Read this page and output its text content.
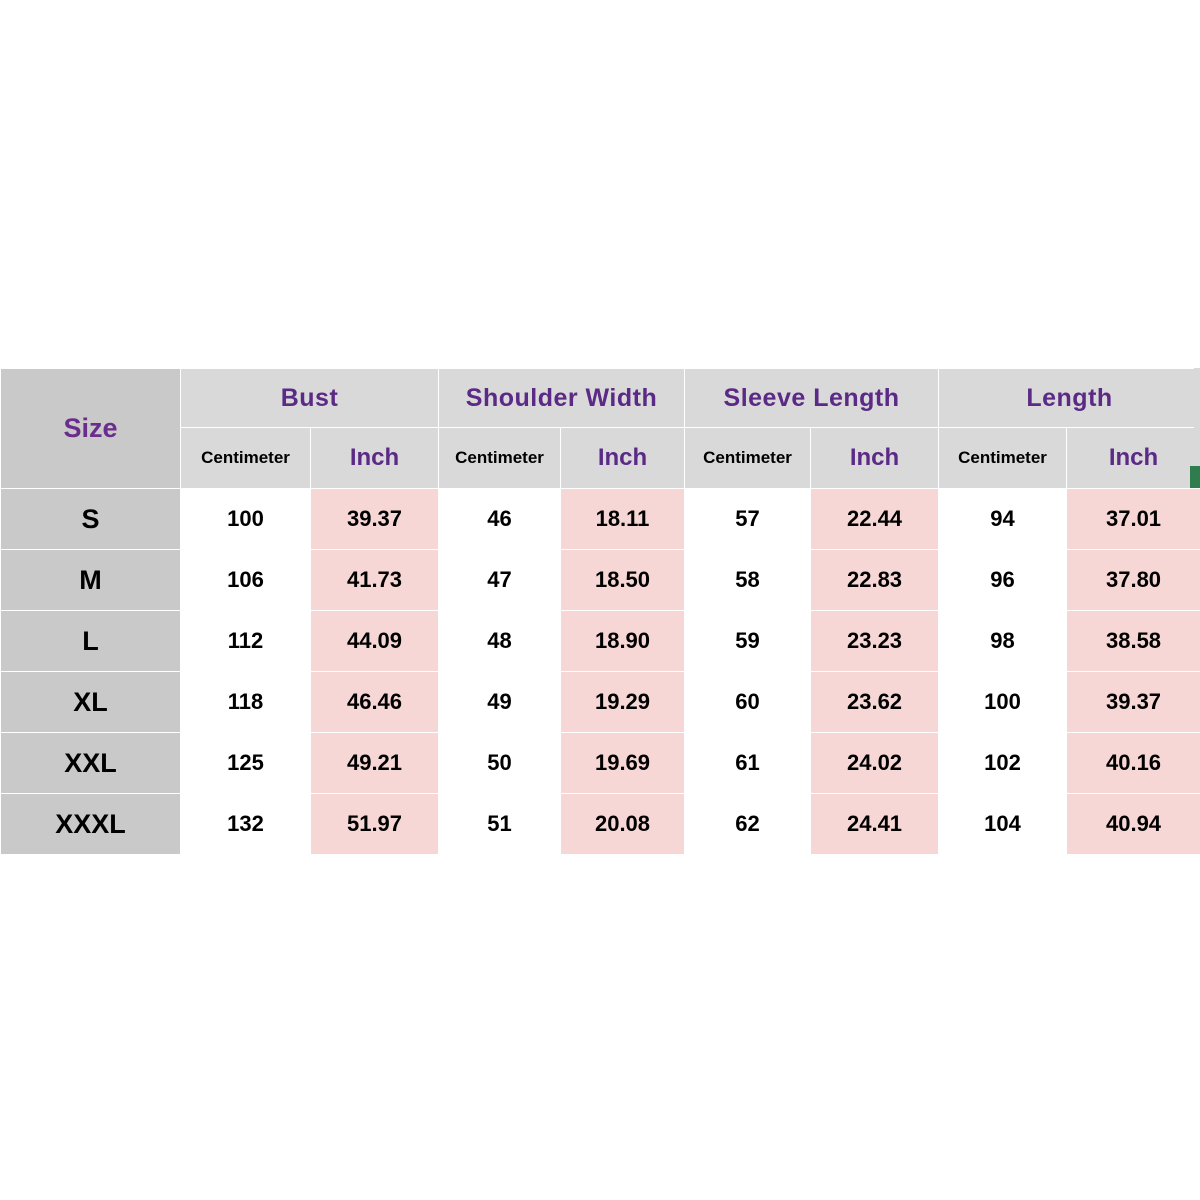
Size	Bust		Shoulder Width		Sleeve Length		Length	
	Centimeter	Inch	Centimeter	Inch	Centimeter	Inch	Centimeter	Inch
S	100	39.37	46	18.11	57	22.44	94	37.01
M	106	41.73	47	18.50	58	22.83	96	37.80
L	112	44.09	48	18.90	59	23.23	98	38.58
XL	118	46.46	49	19.29	60	23.62	100	39.37
XXL	125	49.21	50	19.69	61	24.02	102	40.16
XXXL	132	51.97	51	20.08	62	24.41	104	40.94
